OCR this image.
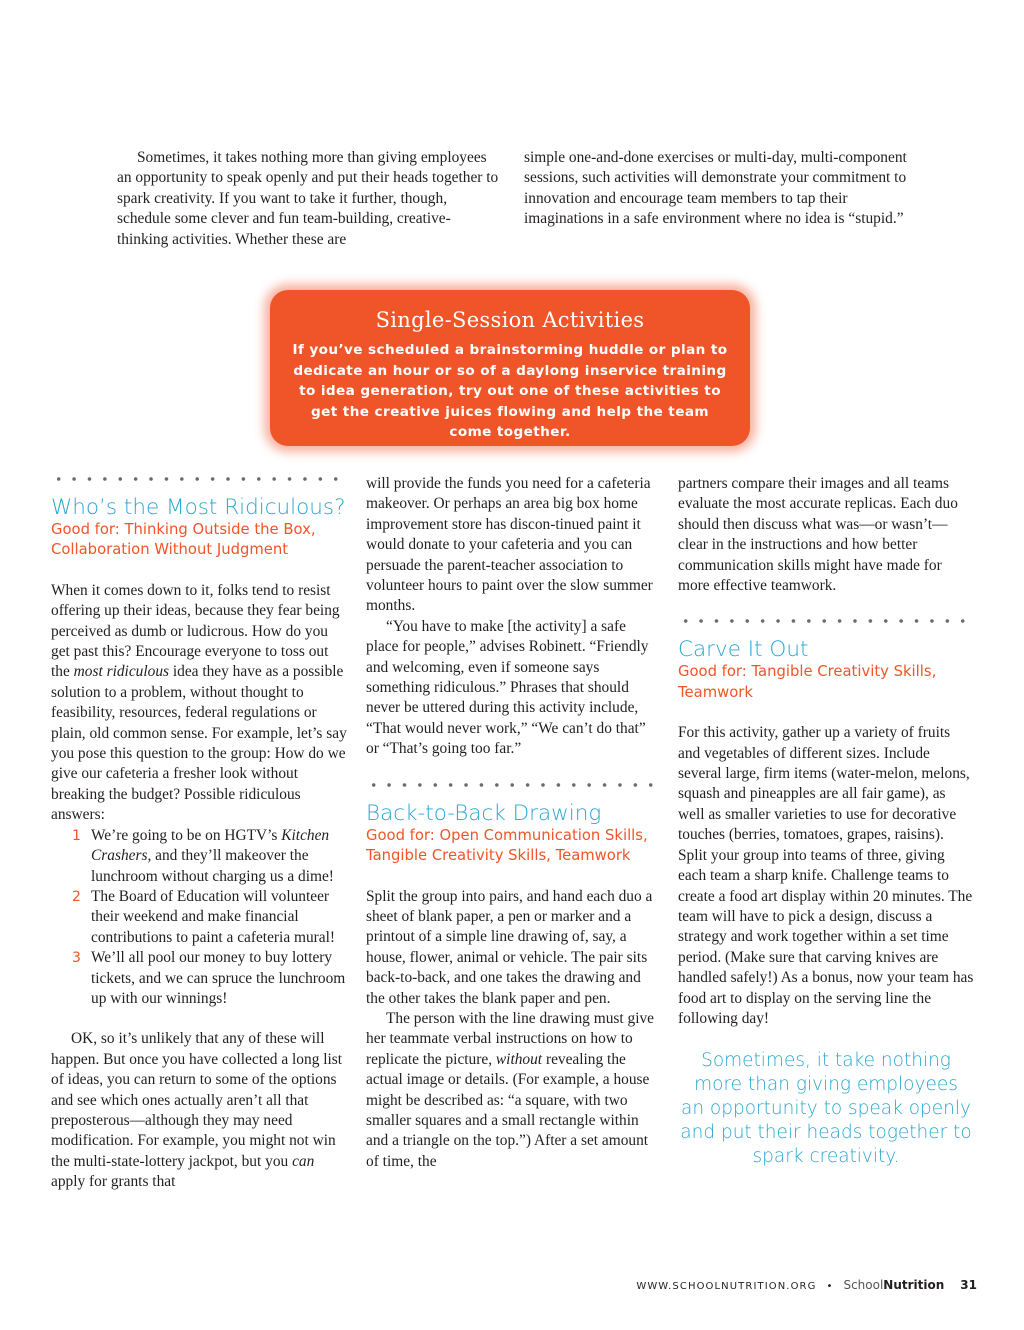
Sometimes, it takes nothing more than giving employees an opportunity to speak openly and put their heads together to spark creativity. If you want to take it further, though, schedule some clever and fun team-building, creative-thinking activities. Whether these are

simple one-and-done exercises or multi-day, multi-component sessions, such activities will demonstrate your commitment to innovation and encourage team members to tap their imaginations in a safe environment where no idea is “stupid.”

Single-Session Activities

If you’ve scheduled a brainstorming huddle or plan to dedicate an hour or so of a daylong inservice training to idea generation, try out one of these activities to get the creative juices flowing and help the team come together.

Who’s the Most Ridiculous?
Good for: Thinking Outside the Box, Collaboration Without Judgment

When it comes down to it, folks tend to resist offering up their ideas, because they fear being perceived as dumb or ludicrous. How do you get past this? Encourage everyone to toss out the most ridiculous idea they have as a possible solution to a problem, without thought to feasibility, resources, federal regulations or plain, old common sense. For example, let’s say you pose this question to the group: How do we give our cafeteria a fresher look without breaking the budget? Possible ridiculous answers:

1 We’re going to be on HGTV’s Kitchen Crashers, and they’ll makeover the lunchroom without charging us a dime!
2 The Board of Education will volunteer their weekend and make financial contributions to paint a cafeteria mural!
3 We’ll all pool our money to buy lottery tickets, and we can spruce the lunchroom up with our winnings!

OK, so it’s unlikely that any of these will happen. But once you have collected a long list of ideas, you can return to some of the options and see which ones actually aren’t all that preposterous—although they may need modification. For example, you might not win the multi-state-lottery jackpot, but you can apply for grants that

will provide the funds you need for a cafeteria makeover. Or perhaps an area big box home improvement store has discon-tinued paint it would donate to your cafeteria and you can persuade the parent-teacher association to volunteer hours to paint over the slow summer months.

“You have to make [the activity] a safe place for people,” advises Robinett. “Friendly and welcoming, even if someone says something ridiculous.” Phrases that should never be uttered during this activity include, “That would never work,” “We can’t do that” or “That’s going too far.”

Back-to-Back Drawing
Good for: Open Communication Skills, Tangible Creativity Skills, Teamwork

Split the group into pairs, and hand each duo a sheet of blank paper, a pen or marker and a printout of a simple line drawing of, say, a house, flower, animal or vehicle. The pair sits back-to-back, and one takes the drawing and the other takes the blank paper and pen.

The person with the line drawing must give her teammate verbal instructions on how to replicate the picture, without revealing the actual image or details. (For example, a house might be described as: “a square, with two smaller squares and a small rectangle within and a triangle on the top.”) After a set amount of time, the

partners compare their images and all teams evaluate the most accurate replicas. Each duo should then discuss what was—or wasn’t—clear in the instructions and how better communication skills might have made for more effective teamwork.

Carve It Out
Good for: Tangible Creativity Skills, Teamwork

For this activity, gather up a variety of fruits and vegetables of different sizes. Include several large, firm items (water-melon, melons, squash and pineapples are all fair game), as well as smaller varieties to use for decorative touches (berries, tomatoes, grapes, raisins). Split your group into teams of three, giving each team a sharp knife. Challenge teams to create a food art display within 20 minutes. The team will have to pick a design, discuss a strategy and work together within a set time period. (Make sure that carving knives are handled safely!) As a bonus, now your team has food art to display on the serving line the following day!

Sometimes, it take nothing more than giving employees an opportunity to speak openly and put their heads together to spark creativity.
WWW.SCHOOLNUTRITION.ORG • SchoolNutrition 31
